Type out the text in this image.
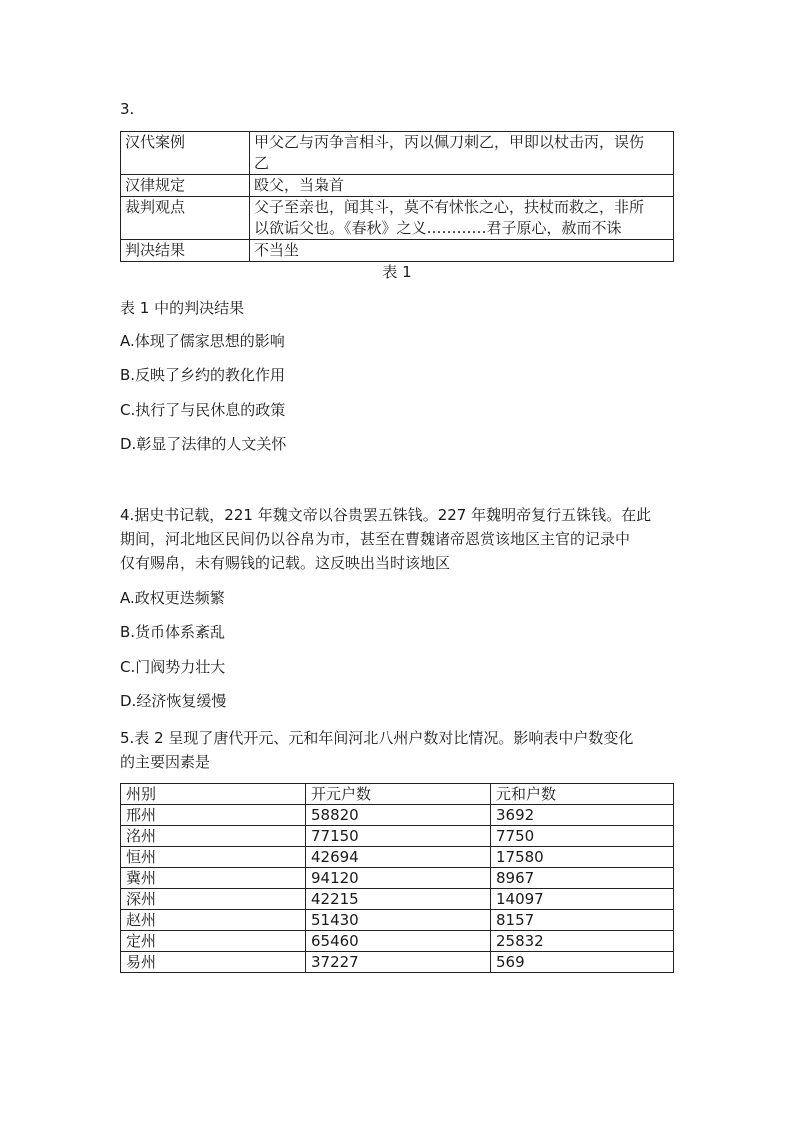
3.
汉代案例	甲父乙与丙争言相斗，丙以佩刀刺乙，甲即以杖击丙，误伤
乙

汉律规定	殴父，当枭首

裁判观点	父子至亲也，闻其斗，莫不有怵怅之心，扶杖而救之，非所
以欲诟父也。《春秋》之义…………君子原心，赦而不诛

判决结果	不当坐
表 1
表 1 中的判决结果
A.体现了儒家思想的影响
B.反映了乡约的教化作用
C.执行了与民休息的政策
D.彰显了法律的人文关怀
4.据史书记载，221 年魏文帝以谷贵罢五铢钱。227 年魏明帝复行五铢钱。在此
期间，河北地区民间仍以谷帛为市，甚至在曹魏诸帝恩赏该地区主官的记录中
仅有赐帛，未有赐钱的记载。这反映出当时该地区
A.政权更迭频繁
B.货币体系紊乱
C.门阀势力壮大
D.经济恢复缓慢
5.表 2 呈现了唐代开元、元和年间河北八州户数对比情况。影响表中户数变化
的主要因素是
州别	开元户数	元和户数
邢州	58820	3692
洺州	77150	7750
恒州	42694	17580
冀州	94120	8967
深州	42215	14097
赵州	51430	8157
定州	65460	25832
易州	37227	569
